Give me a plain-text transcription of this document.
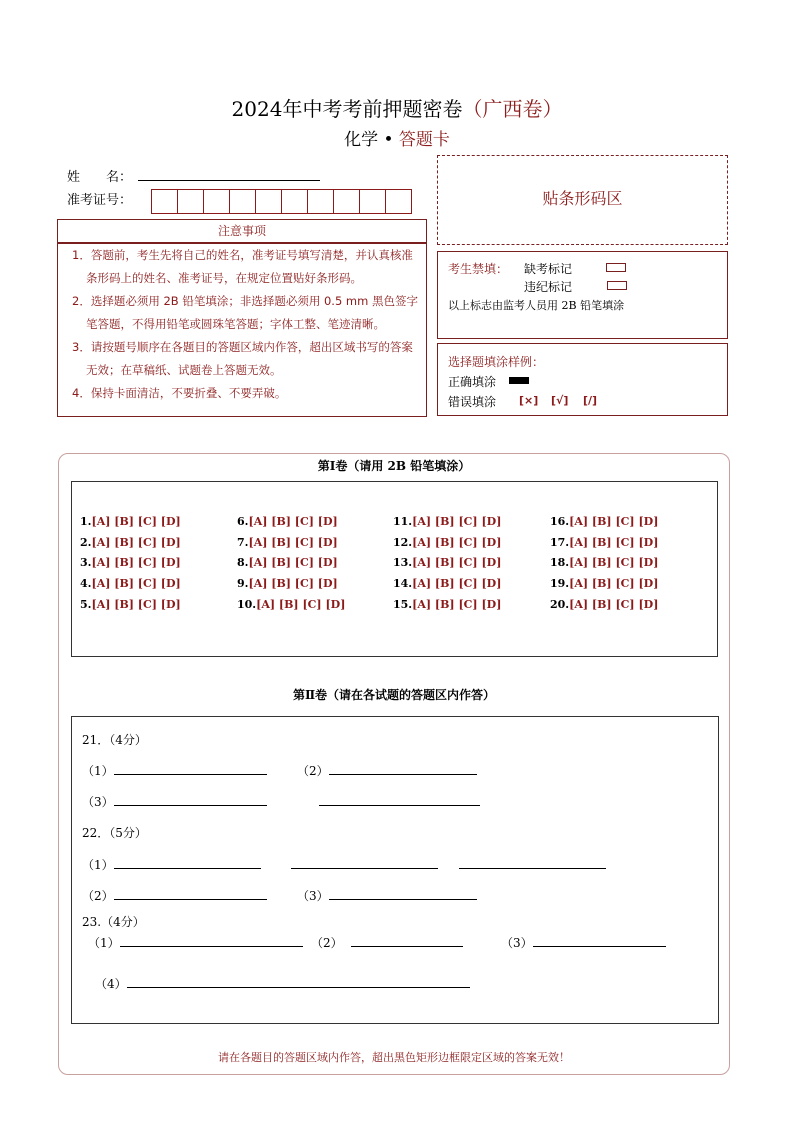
2024年中考考前押题密卷（广西卷）
化学 • 答题卡
姓　　名：
准考证号：
注意事项

1．答题前，考生先将自己的姓名，准考证号填写清楚，并认真核准条形码上的姓名、准考证号，在规定位置贴好条形码。

2．选择题必须用 2B 铅笔填涂；非选择题必须用 0.5 mm 黑色签字笔答题，不得用铅笔或圆珠笔答题；字体工整、笔迹清晰。

3．请按题号顺序在各题目的答题区域内作答，超出区域书写的答案无效；在草稿纸、试题卷上答题无效。

4．保持卡面清洁，不要折叠、不要弄破。

贴条形码区
考生禁填： 缺考标记
违纪标记
以上标志由监考人员用 2B 铅笔填涂
选择题填涂样例：
正确填涂
错误填涂 [×] [√] [/]
第Ⅰ卷（请用 2B 铅笔填涂）
1.[A] [B] [C] [D]
2.[A] [B] [C] [D]
3.[A] [B] [C] [D]
4.[A] [B] [C] [D]
5.[A] [B] [C] [D]
6.[A] [B] [C] [D]
7.[A] [B] [C] [D]
8.[A] [B] [C] [D]
9.[A] [B] [C] [D]
10.[A] [B] [C] [D]
11.[A] [B] [C] [D]
12.[A] [B] [C] [D]
13.[A] [B] [C] [D]
14.[A] [B] [C] [D]
15.[A] [B] [C] [D]
16.[A] [B] [C] [D]
17.[A] [B] [C] [D]
18.[A] [B] [C] [D]
19.[A] [B] [C] [D]
20.[A] [B] [C] [D]
第Ⅱ卷（请在各试题的答题区内作答）
21．（4分）
（1）	（2）
（3）
22．（5分）
（1）
（2）	（3）
23.（4分）
（1）	（2）	（3）
（4）
请在各题目的答题区域内作答，超出黑色矩形边框限定区域的答案无效！
